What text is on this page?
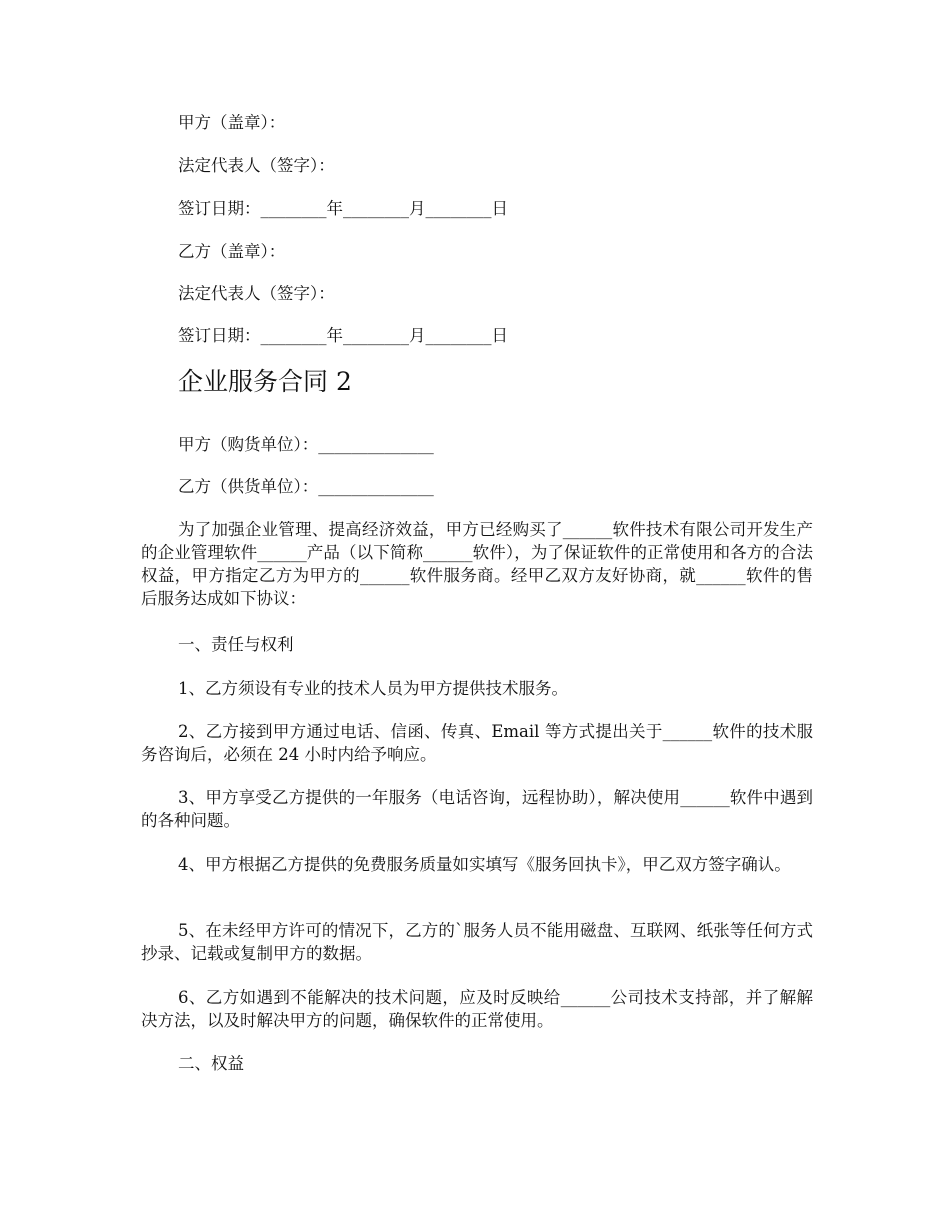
甲方（盖章）：
法定代表人（签字）：
签订日期：________年________月________日
乙方（盖章）：
法定代表人（签字）：
签订日期：________年________月________日
企业服务合同 2
甲方（购货单位）：______________
乙方（供货单位）：______________

为了加强企业管理、提高经济效益，甲方已经购买了______软件技术有限公司开发生产的企业管理软件______产品（以下简称______软件），为了保证软件的正常使用和各方的合法权益，甲方指定乙方为甲方的______软件服务商。经甲乙双方友好协商，就______软件的售后服务达成如下协议：

一、责任与权利

1、乙方须设有专业的技术人员为甲方提供技术服务。

2、乙方接到甲方通过电话、信函、传真、Email 等方式提出关于______软件的技术服务咨询后，必须在 24 小时内给予响应。

3、甲方享受乙方提供的一年服务（电话咨询，远程协助），解决使用______软件中遇到的各种问题。

4、甲方根据乙方提供的免费服务质量如实填写《服务回执卡》，甲乙双方签字确认。

5、在未经甲方许可的情况下，乙方的`服务人员不能用磁盘、互联网、纸张等任何方式抄录、记载或复制甲方的数据。

6、乙方如遇到不能解决的技术问题，应及时反映给______公司技术支持部，并了解解决方法，以及时解决甲方的问题，确保软件的正常使用。

二、权益
